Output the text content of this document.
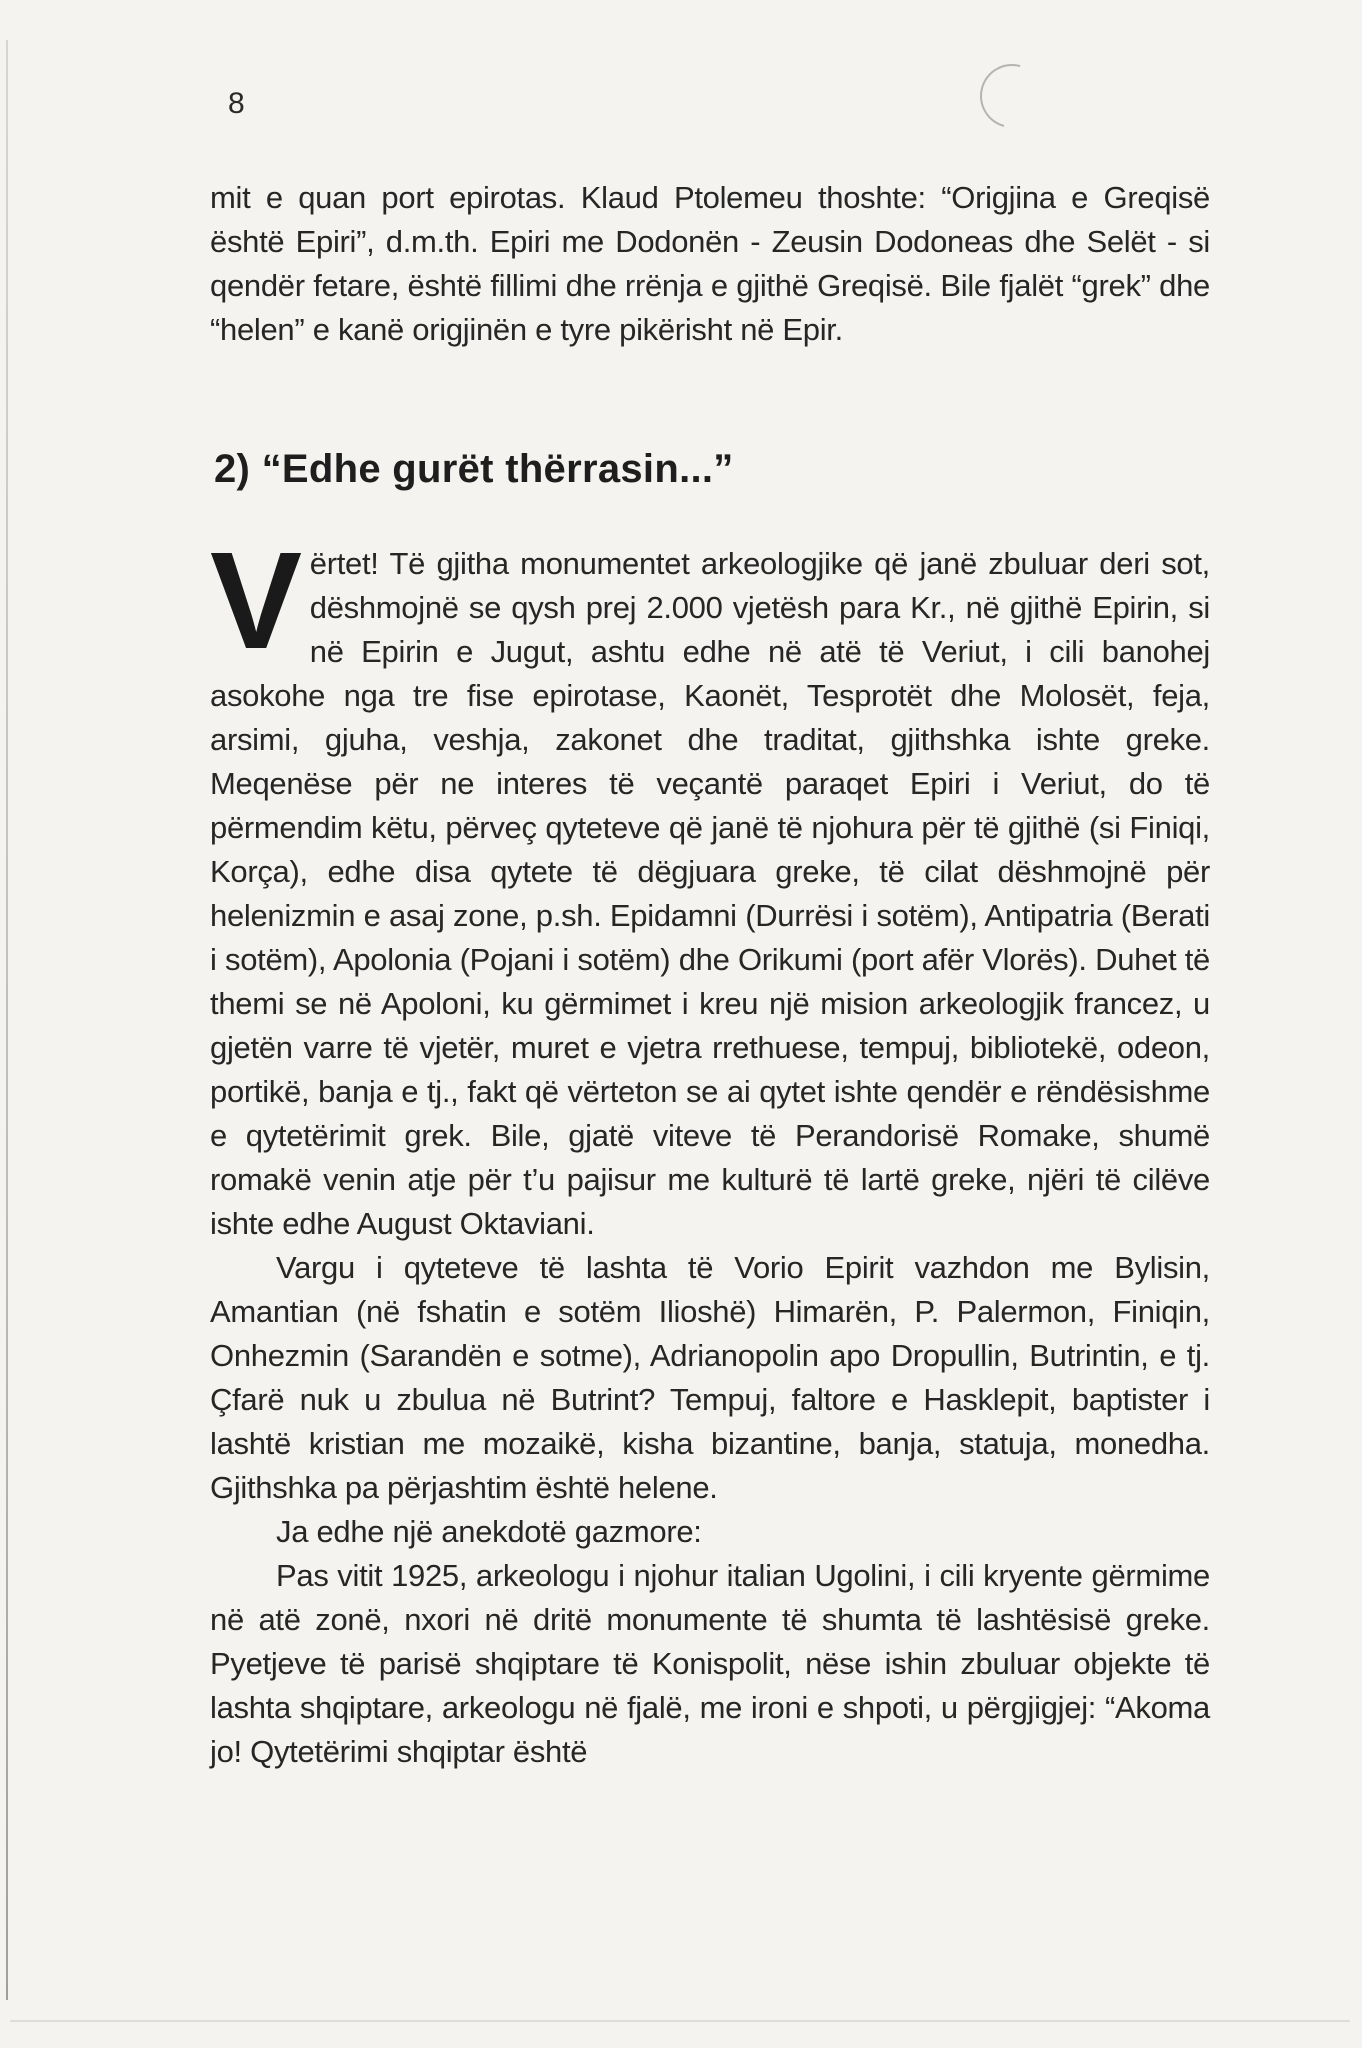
8

mit e quan port epirotas. Klaud Ptolemeu thoshte: “Origjina e Greqisë është Epiri”, d.m.th. Epiri me Dodonën - Zeusin Dodoneas dhe Selët - si qendër fetare, është fillimi dhe rrënja e gjithë Greqisë. Bile fjalët “grek” dhe “helen” e kanë origjinën e tyre pikërisht në Epir.

2) “Edhe gurët thërrasin...”

Vërtet! Të gjitha monumentet arkeologjike që janë zbuluar deri sot, dëshmojnë se qysh prej 2.000 vjetësh para Kr., në gjithë Epirin, si në Epirin e Jugut, ashtu edhe në atë të Veriut, i cili banohej asokohe nga tre fise epirotase, Kaonët, Tesprotët dhe Molosët, feja, arsimi, gjuha, veshja, zakonet dhe traditat, gjithshka ishte greke. Meqenëse për ne interes të veçantë paraqet Epiri i Veriut, do të përmendim këtu, përveç qyteteve që janë të njohura për të gjithë (si Finiqi, Korça), edhe disa qytete të dëgjuara greke, të cilat dëshmojnë për helenizmin e asaj zone, p.sh. Epidamni (Durrësi i sotëm), Antipatria (Berati i sotëm), Apolonia (Pojani i sotëm) dhe Orikumi (port afër Vlorës). Duhet të themi se në Apoloni, ku gërmimet i kreu një mision arkeologjik francez, u gjetën varre të vjetër, muret e vjetra rrethuese, tempuj, bibliotekë, odeon, portikë, banja e tj., fakt që vërteton se ai qytet ishte qendër e rëndësishme e qytetërimit grek. Bile, gjatë viteve të Perandorisë Romake, shumë romakë venin atje për t’u pajisur me kulturë të lartë greke, njëri të cilëve ishte edhe August Oktaviani.

Vargu i qyteteve të lashta të Vorio Epirit vazhdon me Bylisin, Amantian (në fshatin e sotëm Ilioshë) Himarën, P. Palermon, Finiqin, Onhezmin (Sarandën e sotme), Adrianopolin apo Dropullin, Butrintin, e tj. Çfarë nuk u zbulua në Butrint? Tempuj, faltore e Hasklepit, baptister i lashtë kristian me mozaikë, kisha bizantine, banja, statuja, monedha. Gjithshka pa përjashtim është helene.

Ja edhe një anekdotë gazmore:

Pas vitit 1925, arkeologu i njohur italian Ugolini, i cili kryente gërmime në atë zonë, nxori në dritë monumente të shumta të lashtësisë greke. Pyetjeve të parisë shqiptare të Konispolit, nëse ishin zbuluar objekte të lashta shqiptare, arkeologu në fjalë, me ironi e shpoti, u përgjigjej: “Akoma jo! Qytetërimi shqiptar është
